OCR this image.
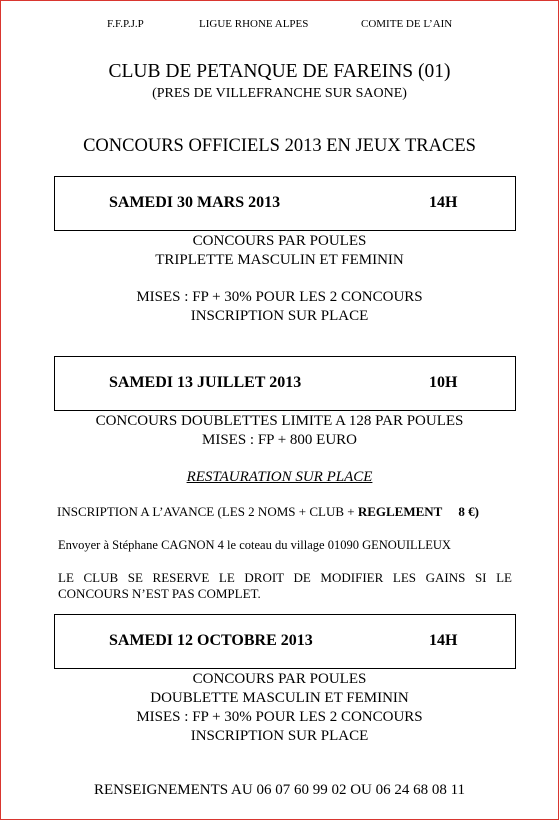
F.F.P.J.P	LIGUE RHONE ALPES	COMITE DE L’AIN
CLUB DE PETANQUE DE FAREINS (01)
(PRES DE VILLEFRANCHE SUR SAONE)
CONCOURS OFFICIELS 2013 EN JEUX TRACES
SAMEDI 30 MARS 2013	14H
CONCOURS PAR POULES
TRIPLETTE MASCULIN ET FEMININ
MISES : FP + 30% POUR LES 2 CONCOURS
INSCRIPTION SUR PLACE
SAMEDI 13 JUILLET 2013	10H
CONCOURS DOUBLETTES LIMITE A 128 PAR POULES
MISES : FP + 800 EURO
RESTAURATION SUR PLACE
INSCRIPTION A L’AVANCE (LES 2 NOMS + CLUB + REGLEMENT 8 €)
Envoyer à Stéphane CAGNON 4 le coteau du village 01090 GENOUILLEUX
LE CLUB SE RESERVE LE DROIT DE MODIFIER LES GAINS SI LE
CONCOURS N’EST PAS COMPLET.
SAMEDI 12 OCTOBRE 2013	14H
CONCOURS PAR POULES
DOUBLETTE MASCULIN ET FEMININ
MISES : FP + 30% POUR LES 2 CONCOURS
INSCRIPTION SUR PLACE
RENSEIGNEMENTS AU 06 07 60 99 02 OU 06 24 68 08 11
